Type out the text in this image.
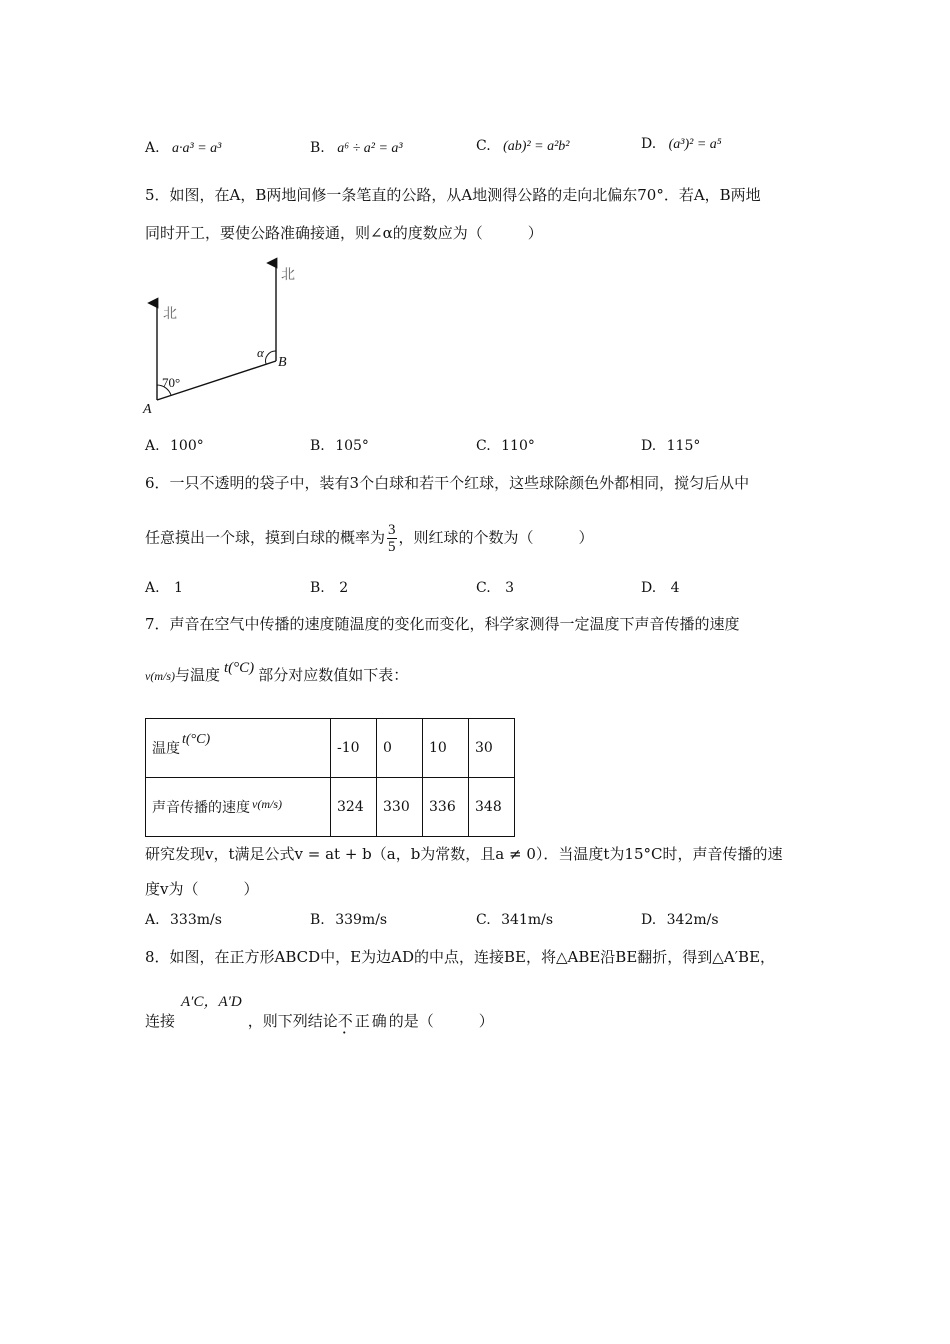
A. a·a³ = a³	B. a⁶ ÷ a² = a³	C. (ab)² = a²b²	D. (a³)² = a⁵
5．如图，在A，B两地间修一条笔直的公路，从A地测得公路的走向北偏东70°．若A，B两地
同时开工，要使公路准确接通，则∠α的度数应为（　　　）
北
北
70°
α
A
B
A. 100°	B. 105°	C. 110°	D. 115°
6．一只不透明的袋子中，装有3个白球和若干个红球，这些球除颜色外都相同，搅匀后从中
任意摸出一个球，摸到白球的概率为 $\frac{3}{5}$ ，则红球的个数为（　　　）
A. 1	B. 2	C. 3	D. 4
7．声音在空气中传播的速度随温度的变化而变化，科学家测得一定温度下声音传播的速度
v(m/s)与温度 t(°C) 部分对应数值如下表：
温度t(°C)	-10	0	10	30
声音传播的速度 v(m/s)	324	330	336	348
研究发现v，t满足公式v = at + b（a，b为常数，且a ≠ 0）．当温度t为15°C时，声音传播的速
度v为（　　　）
A. 333m/s	B. 339m/s	C. 341m/s	D. 342m/s
8．如图，在正方形ABCD中，E为边AD的中点，连接BE，将△ABE沿BE翻折，得到△A′BE，
连接A′C，A′D，则下列结论不正确的是（　　　）
